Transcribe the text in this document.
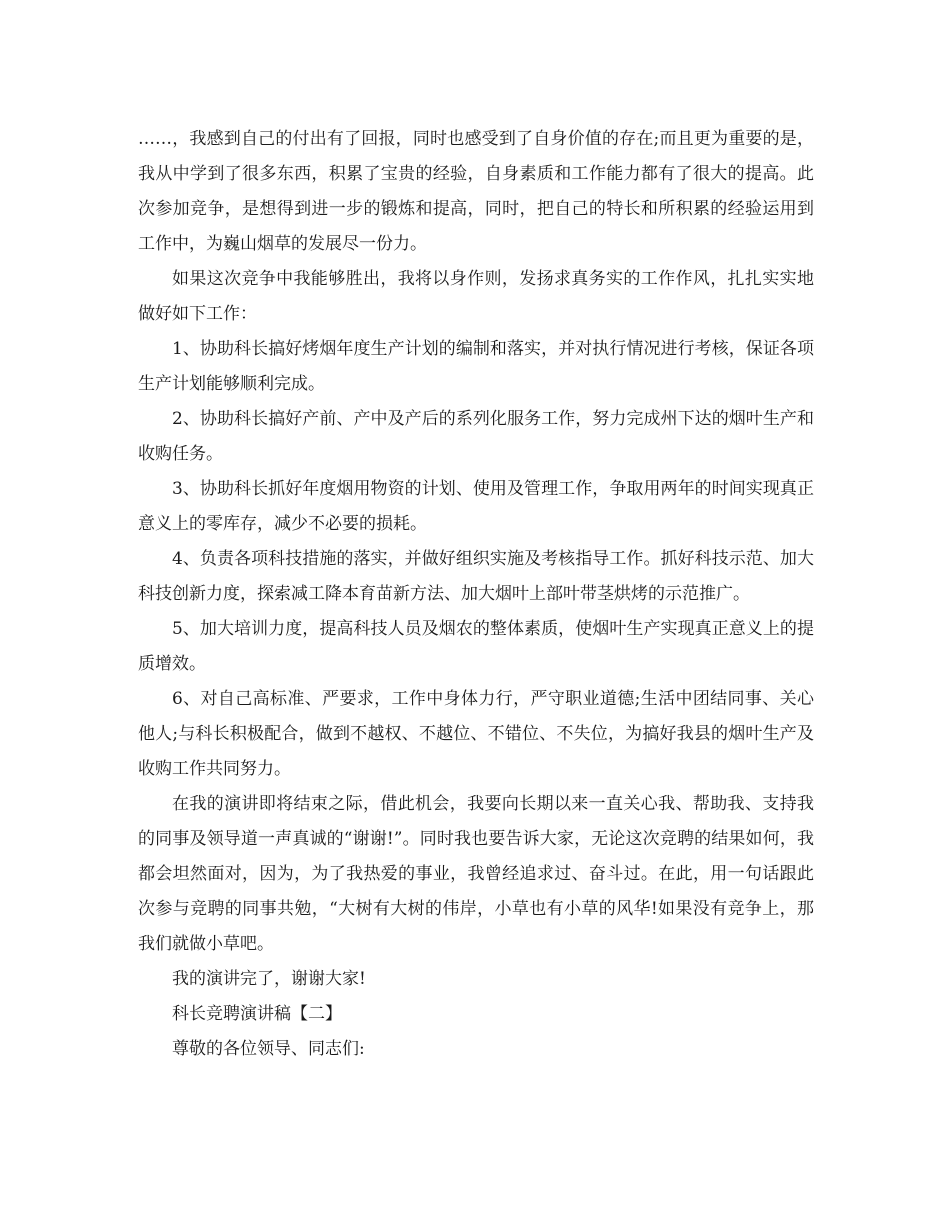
……，我感到自己的付出有了回报，同时也感受到了自身价值的存在;而且更为重要的是，我从中学到了很多东西，积累了宝贵的经验，自身素质和工作能力都有了很大的提高。此次参加竞争，是想得到进一步的锻炼和提高，同时，把自己的特长和所积累的经验运用到工作中，为巍山烟草的发展尽一份力。

如果这次竞争中我能够胜出，我将以身作则，发扬求真务实的工作作风，扎扎实实地做好如下工作：

1、协助科长搞好烤烟年度生产计划的编制和落实，并对执行情况进行考核，保证各项生产计划能够顺利完成。

2、协助科长搞好产前、产中及产后的系列化服务工作，努力完成州下达的烟叶生产和收购任务。

3、协助科长抓好年度烟用物资的计划、使用及管理工作，争取用两年的时间实现真正意义上的零库存，减少不必要的损耗。

4、负责各项科技措施的落实，并做好组织实施及考核指导工作。抓好科技示范、加大科技创新力度，探索减工降本育苗新方法、加大烟叶上部叶带茎烘烤的示范推广。

5、加大培训力度，提高科技人员及烟农的整体素质，使烟叶生产实现真正意义上的提质增效。

6、对自己高标准、严要求，工作中身体力行，严守职业道德;生活中团结同事、关心他人;与科长积极配合，做到不越权、不越位、不错位、不失位，为搞好我县的烟叶生产及收购工作共同努力。

在我的演讲即将结束之际，借此机会，我要向长期以来一直关心我、帮助我、支持我的同事及领导道一声真诚的“谢谢!”。同时我也要告诉大家，无论这次竞聘的结果如何，我都会坦然面对，因为，为了我热爱的事业，我曾经追求过、奋斗过。在此，用一句话跟此次参与竞聘的同事共勉，“大树有大树的伟岸，小草也有小草的风华!如果没有竞争上，那我们就做小草吧。

我的演讲完了，谢谢大家!

科长竞聘演讲稿【二】

尊敬的各位领导、同志们:
